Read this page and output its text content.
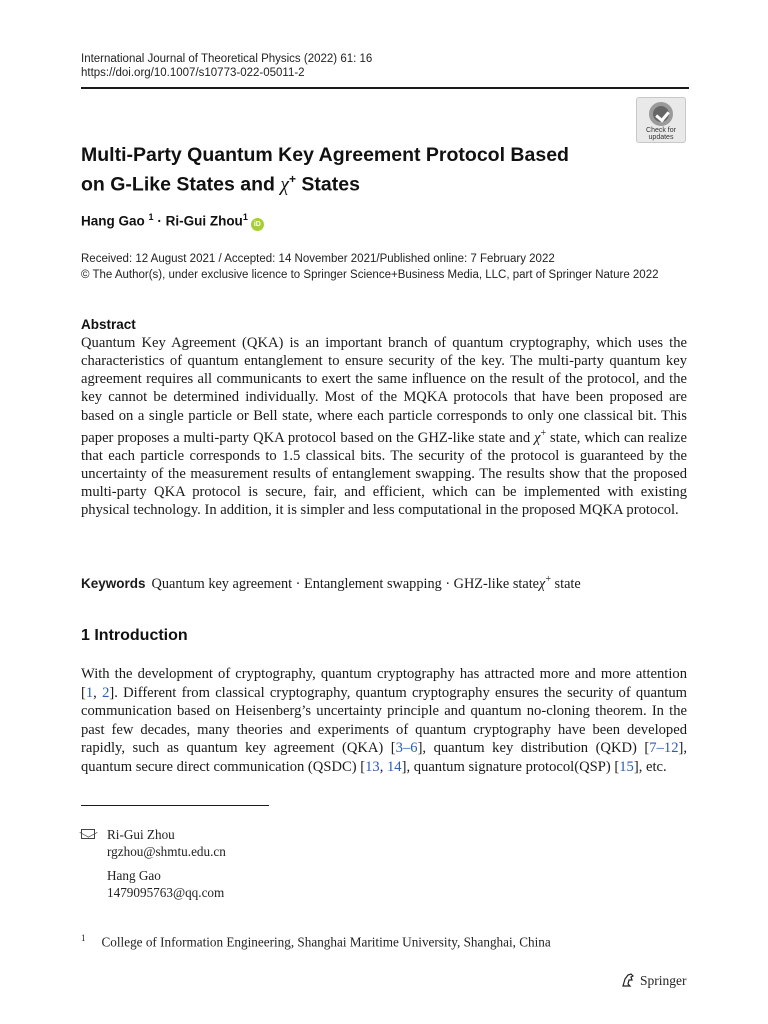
International Journal of Theoretical Physics (2022) 61: 16
https://doi.org/10.1007/s10773-022-05011-2
Check for
updates
Multi-Party Quantum Key Agreement Protocol Based
on G-Like States and χ+ States
Hang Gao $^1$ · Ri-Gui Zhou$^1$iD
Received: 12 August 2021 / Accepted: 14 November 2021/Published online: 7 February 2022
© The Author(s), under exclusive licence to Springer Science+Business Media, LLC, part of Springer Nature 2022
Abstract
Quantum Key Agreement (QKA) is an important branch of quantum cryptography, which uses the characteristics of quantum entanglement to ensure security of the key. The multi-party quantum key agreement requires all communicants to exert the same influence on the result of the protocol, and the key cannot be determined individually. Most of the MQKA protocols that have been proposed are based on a single particle or Bell state, where each particle corresponds to only one classical bit. This paper proposes a multi-party QKA protocol based on the GHZ-like state and χ+ state, which can realize that each particle corresponds to 1.5 classical bits. The security of the protocol is guaranteed by the uncertainty of the measurement results of entanglement swapping. The results show that the proposed multi-party QKA protocol is secure, fair, and efficient, which can be implemented with existing physical technology. In addition, it is simpler and less computational in the proposed MQKA protocol.
Keywords Quantum key agreement · Entanglement swapping · GHZ-like stateχ+ state
1 Introduction
With the development of cryptography, quantum cryptography has attracted more and more attention [1, 2]. Different from classical cryptography, quantum cryptography ensures the security of quantum communication based on Heisenberg’s uncertainty principle and quantum no-cloning theorem. In the past few decades, many theories and experiments of quantum cryptography have been developed rapidly, such as quantum key agreement (QKA) [3–6], quantum key distribution (QKD) [7–12], quantum secure direct communication (QSDC) [13, 14], quantum signature protocol(QSP) [15], etc.
Ri-Gui Zhou
rgzhou@shmtu.edu.cn
Hang Gao
1479095763@qq.com
$^1$ College of Information Engineering, Shanghai Maritime University, Shanghai, China
Springer
